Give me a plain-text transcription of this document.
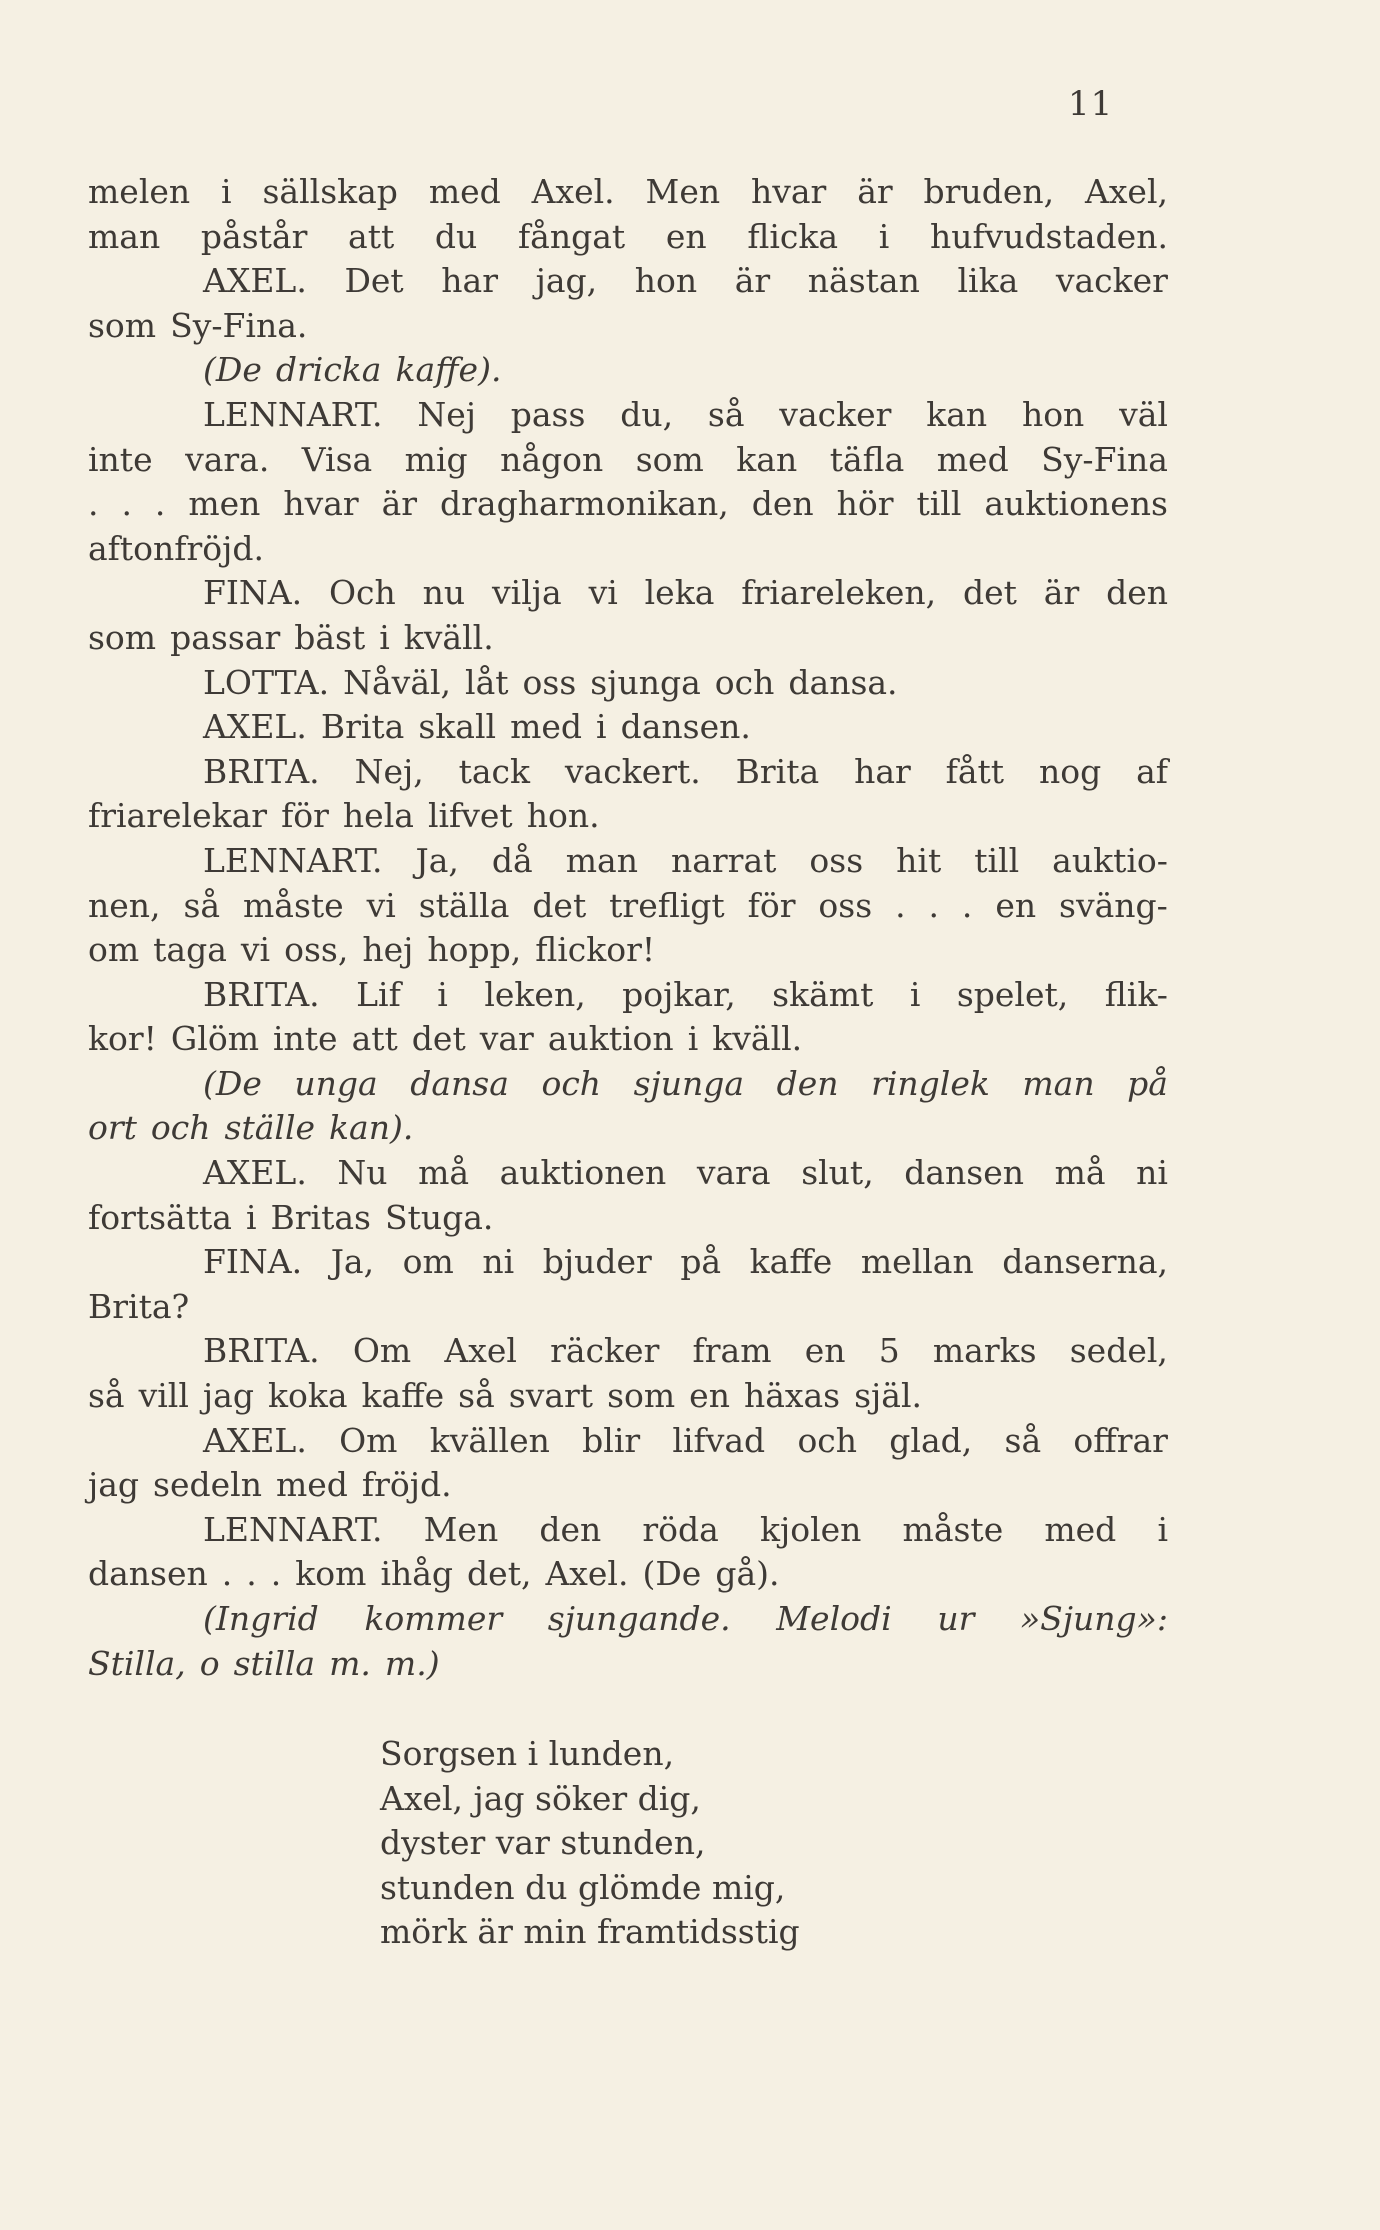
11
melen i sällskap med Axel. Men hvar är bruden, Axel,
man påstår att du fångat en flicka i hufvudstaden.
AXEL. Det har jag, hon är nästan lika vacker
som Sy-Fina.
(De dricka kaffe).
LENNART. Nej pass du, så vacker kan hon väl
inte vara. Visa mig någon som kan täfla med Sy-Fina
. . . men hvar är dragharmonikan, den hör till auktionens
aftonfröjd.
FINA. Och nu vilja vi leka friareleken, det är den
som passar bäst i kväll.
LOTTA. Nåväl, låt oss sjunga och dansa.
AXEL. Brita skall med i dansen.
BRITA. Nej, tack vackert. Brita har fått nog af
friarelekar för hela lifvet hon.
LENNART. Ja, då man narrat oss hit till auktio-
nen, så måste vi ställa det trefligt för oss . . . en sväng-
om taga vi oss, hej hopp, flickor!
BRITA. Lif i leken, pojkar, skämt i spelet, flik-
kor! Glöm inte att det var auktion i kväll.
(De unga dansa och sjunga den ringlek man på
ort och ställe kan).
AXEL. Nu må auktionen vara slut, dansen må ni
fortsätta i Britas Stuga.
FINA. Ja, om ni bjuder på kaffe mellan danserna,
Brita?
BRITA. Om Axel räcker fram en 5 marks sedel,
så vill jag koka kaffe så svart som en häxas själ.
AXEL. Om kvällen blir lifvad och glad, så offrar
jag sedeln med fröjd.
LENNART. Men den röda kjolen måste med i
dansen . . . kom ihåg det, Axel. (De gå).
(Ingrid kommer sjungande. Melodi ur »Sjung»:
Stilla, o stilla m. m.)
Sorgsen i lunden,
Axel, jag söker dig,
dyster var stunden,
stunden du glömde mig,
mörk är min framtidsstig
